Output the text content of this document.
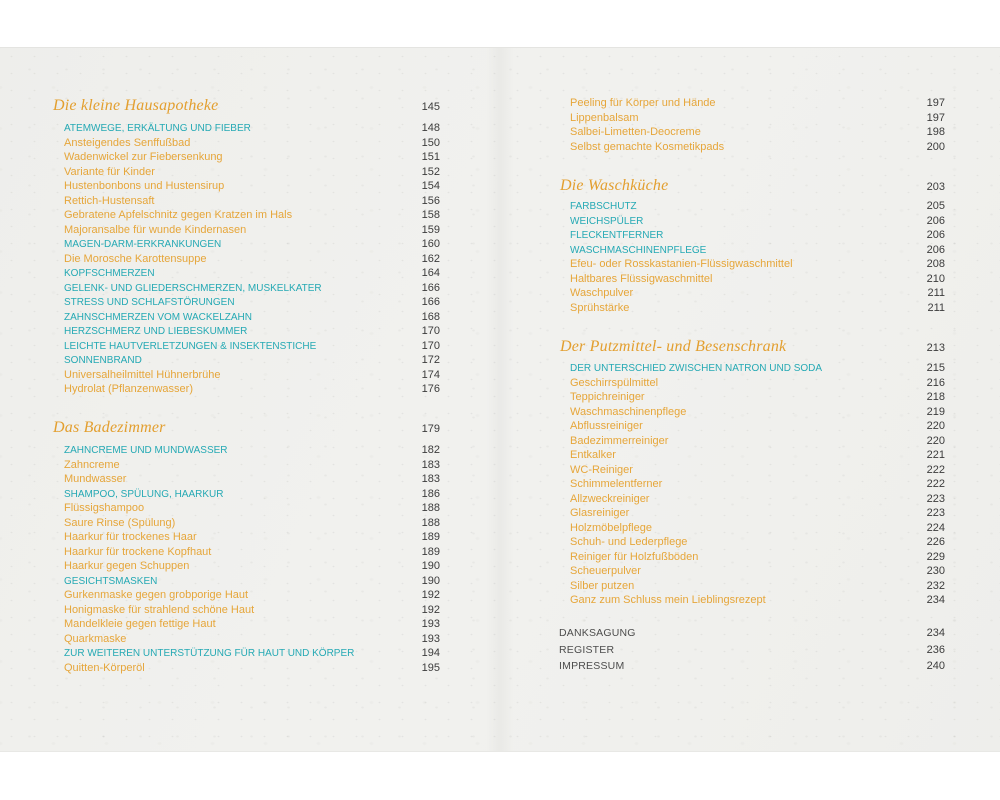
Die kleine Hausapotheke	145
ATEMWEGE, ERKÄLTUNG UND FIEBER	148
Ansteigendes Senffußbad	150
Wadenwickel zur Fiebersenkung	151
Variante für Kinder	152
Hustenbonbons und Hustensirup	154
Rettich-Hustensaft	156
Gebratene Apfelschnitz gegen Kratzen im Hals	158
Majoransalbe für wunde Kindernasen	159
MAGEN-DARM-ERKRANKUNGEN	160
Die Morosche Karottensuppe	162
KOPFSCHMERZEN	164
GELENK- UND GLIEDERSCHMERZEN, MUSKELKATER	166
STRESS UND SCHLAFSTÖRUNGEN	166
ZAHNSCHMERZEN VOM WACKELZAHN	168
HERZSCHMERZ UND LIEBESKUMMER	170
LEICHTE HAUTVERLETZUNGEN & INSEKTENSTICHE	170
SONNENBRAND	172
Universalheilmittel Hühnerbrühe	174
Hydrolat (Pflanzenwasser)	176
Das Badezimmer	179
ZAHNCREME UND MUNDWASSER	182
Zahncreme	183
Mundwasser	183
SHAMPOO, SPÜLUNG, HAARKUR	186
Flüssigshampoo	188
Saure Rinse (Spülung)	188
Haarkur für trockenes Haar	189
Haarkur für trockene Kopfhaut	189
Haarkur gegen Schuppen	190
GESICHTSMASKEN	190
Gurkenmaske gegen grobporige Haut	192
Honigmaske für strahlend schöne Haut	192
Mandelkleie gegen fettige Haut	193
Quarkmaske	193
ZUR WEITEREN UNTERSTÜTZUNG FÜR HAUT UND KÖRPER	194
Quitten-Körperöl	195
Peeling für Körper und Hände	197
Lippenbalsam	197
Salbei-Limetten-Deocreme	198
Selbst gemachte Kosmetikpads	200
Die Waschküche	203
FARBSCHUTZ	205
WEICHSPÜLER	206
FLECKENTFERNER	206
WASCHMASCHINENPFLEGE	206
Efeu- oder Rosskastanien-Flüssigwaschmittel	208
Haltbares Flüssigwaschmittel	210
Waschpulver	211
Sprühstärke	211
Der Putzmittel- und Besenschrank	213
DER UNTERSCHIED ZWISCHEN NATRON UND SODA	215
Geschirrspülmittel	216
Teppichreiniger	218
Waschmaschinenpflege	219
Abflussreiniger	220
Badezimmerreiniger	220
Entkalker	221
WC-Reiniger	222
Schimmelentferner	222
Allzweckreiniger	223
Glasreiniger	223
Holzmöbelpflege	224
Schuh- und Lederpflege	226
Reiniger für Holzfußböden	229
Scheuerpulver	230
Silber putzen	232
Ganz zum Schluss mein Lieblingsrezept	234
DANKSAGUNG	234
REGISTER	236
IMPRESSUM	240
